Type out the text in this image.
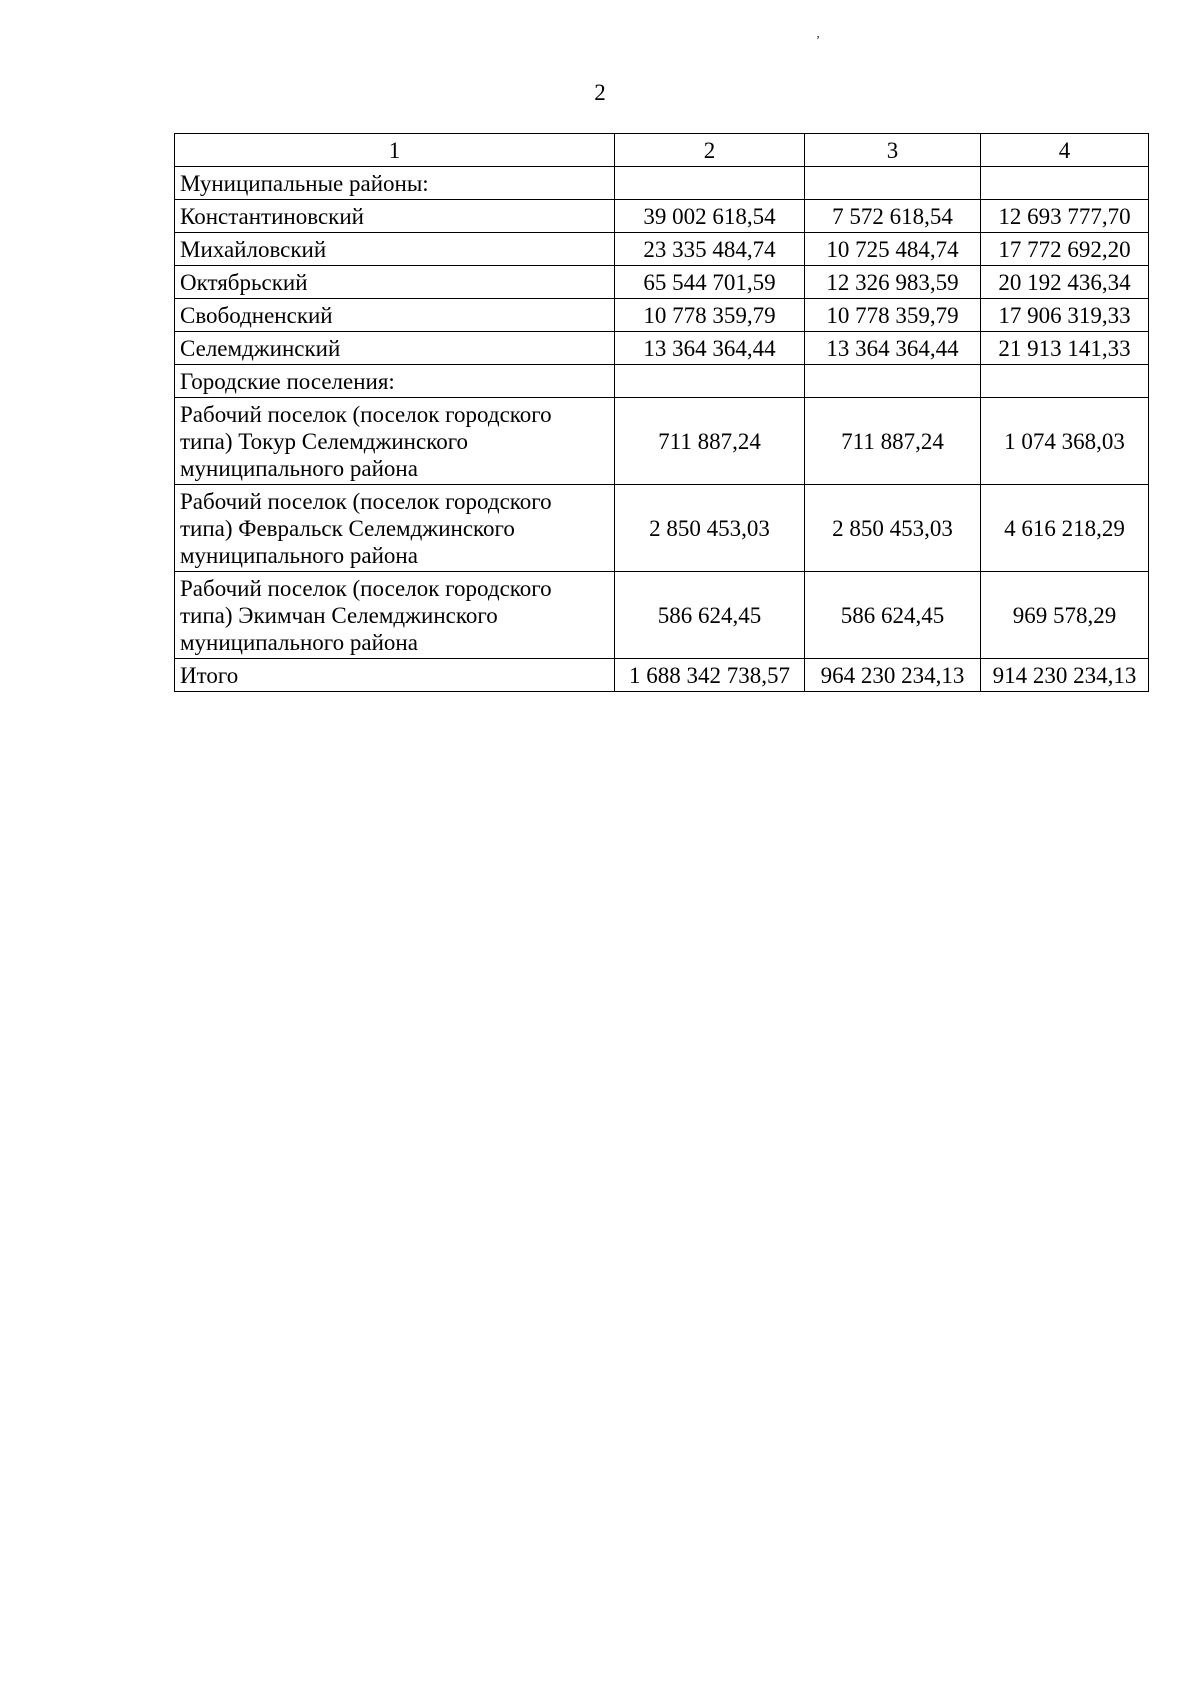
ʼ
2
1	2	3	4
Муниципальные районы:			
Константиновский	39 002 618,54	7 572 618,54	12 693 777,70
Михайловский	23 335 484,74	10 725 484,74	17 772 692,20
Октябрьский	65 544 701,59	12 326 983,59	20 192 436,34
Свободненский	10 778 359,79	10 778 359,79	17 906 319,33
Селемджинский	13 364 364,44	13 364 364,44	21 913 141,33
Городские поселения:			
Рабочий поселок (поселок городского типа) Токур Селемджинского муниципального района	711 887,24	711 887,24	1 074 368,03
Рабочий поселок (поселок городского типа) Февральск Селемджинского муниципального района	2 850 453,03	2 850 453,03	4 616 218,29
Рабочий поселок (поселок городского типа) Экимчан Селемджинского муниципального района	586 624,45	586 624,45	969 578,29
Итого	1 688 342 738,57	964 230 234,13	914 230 234,13
